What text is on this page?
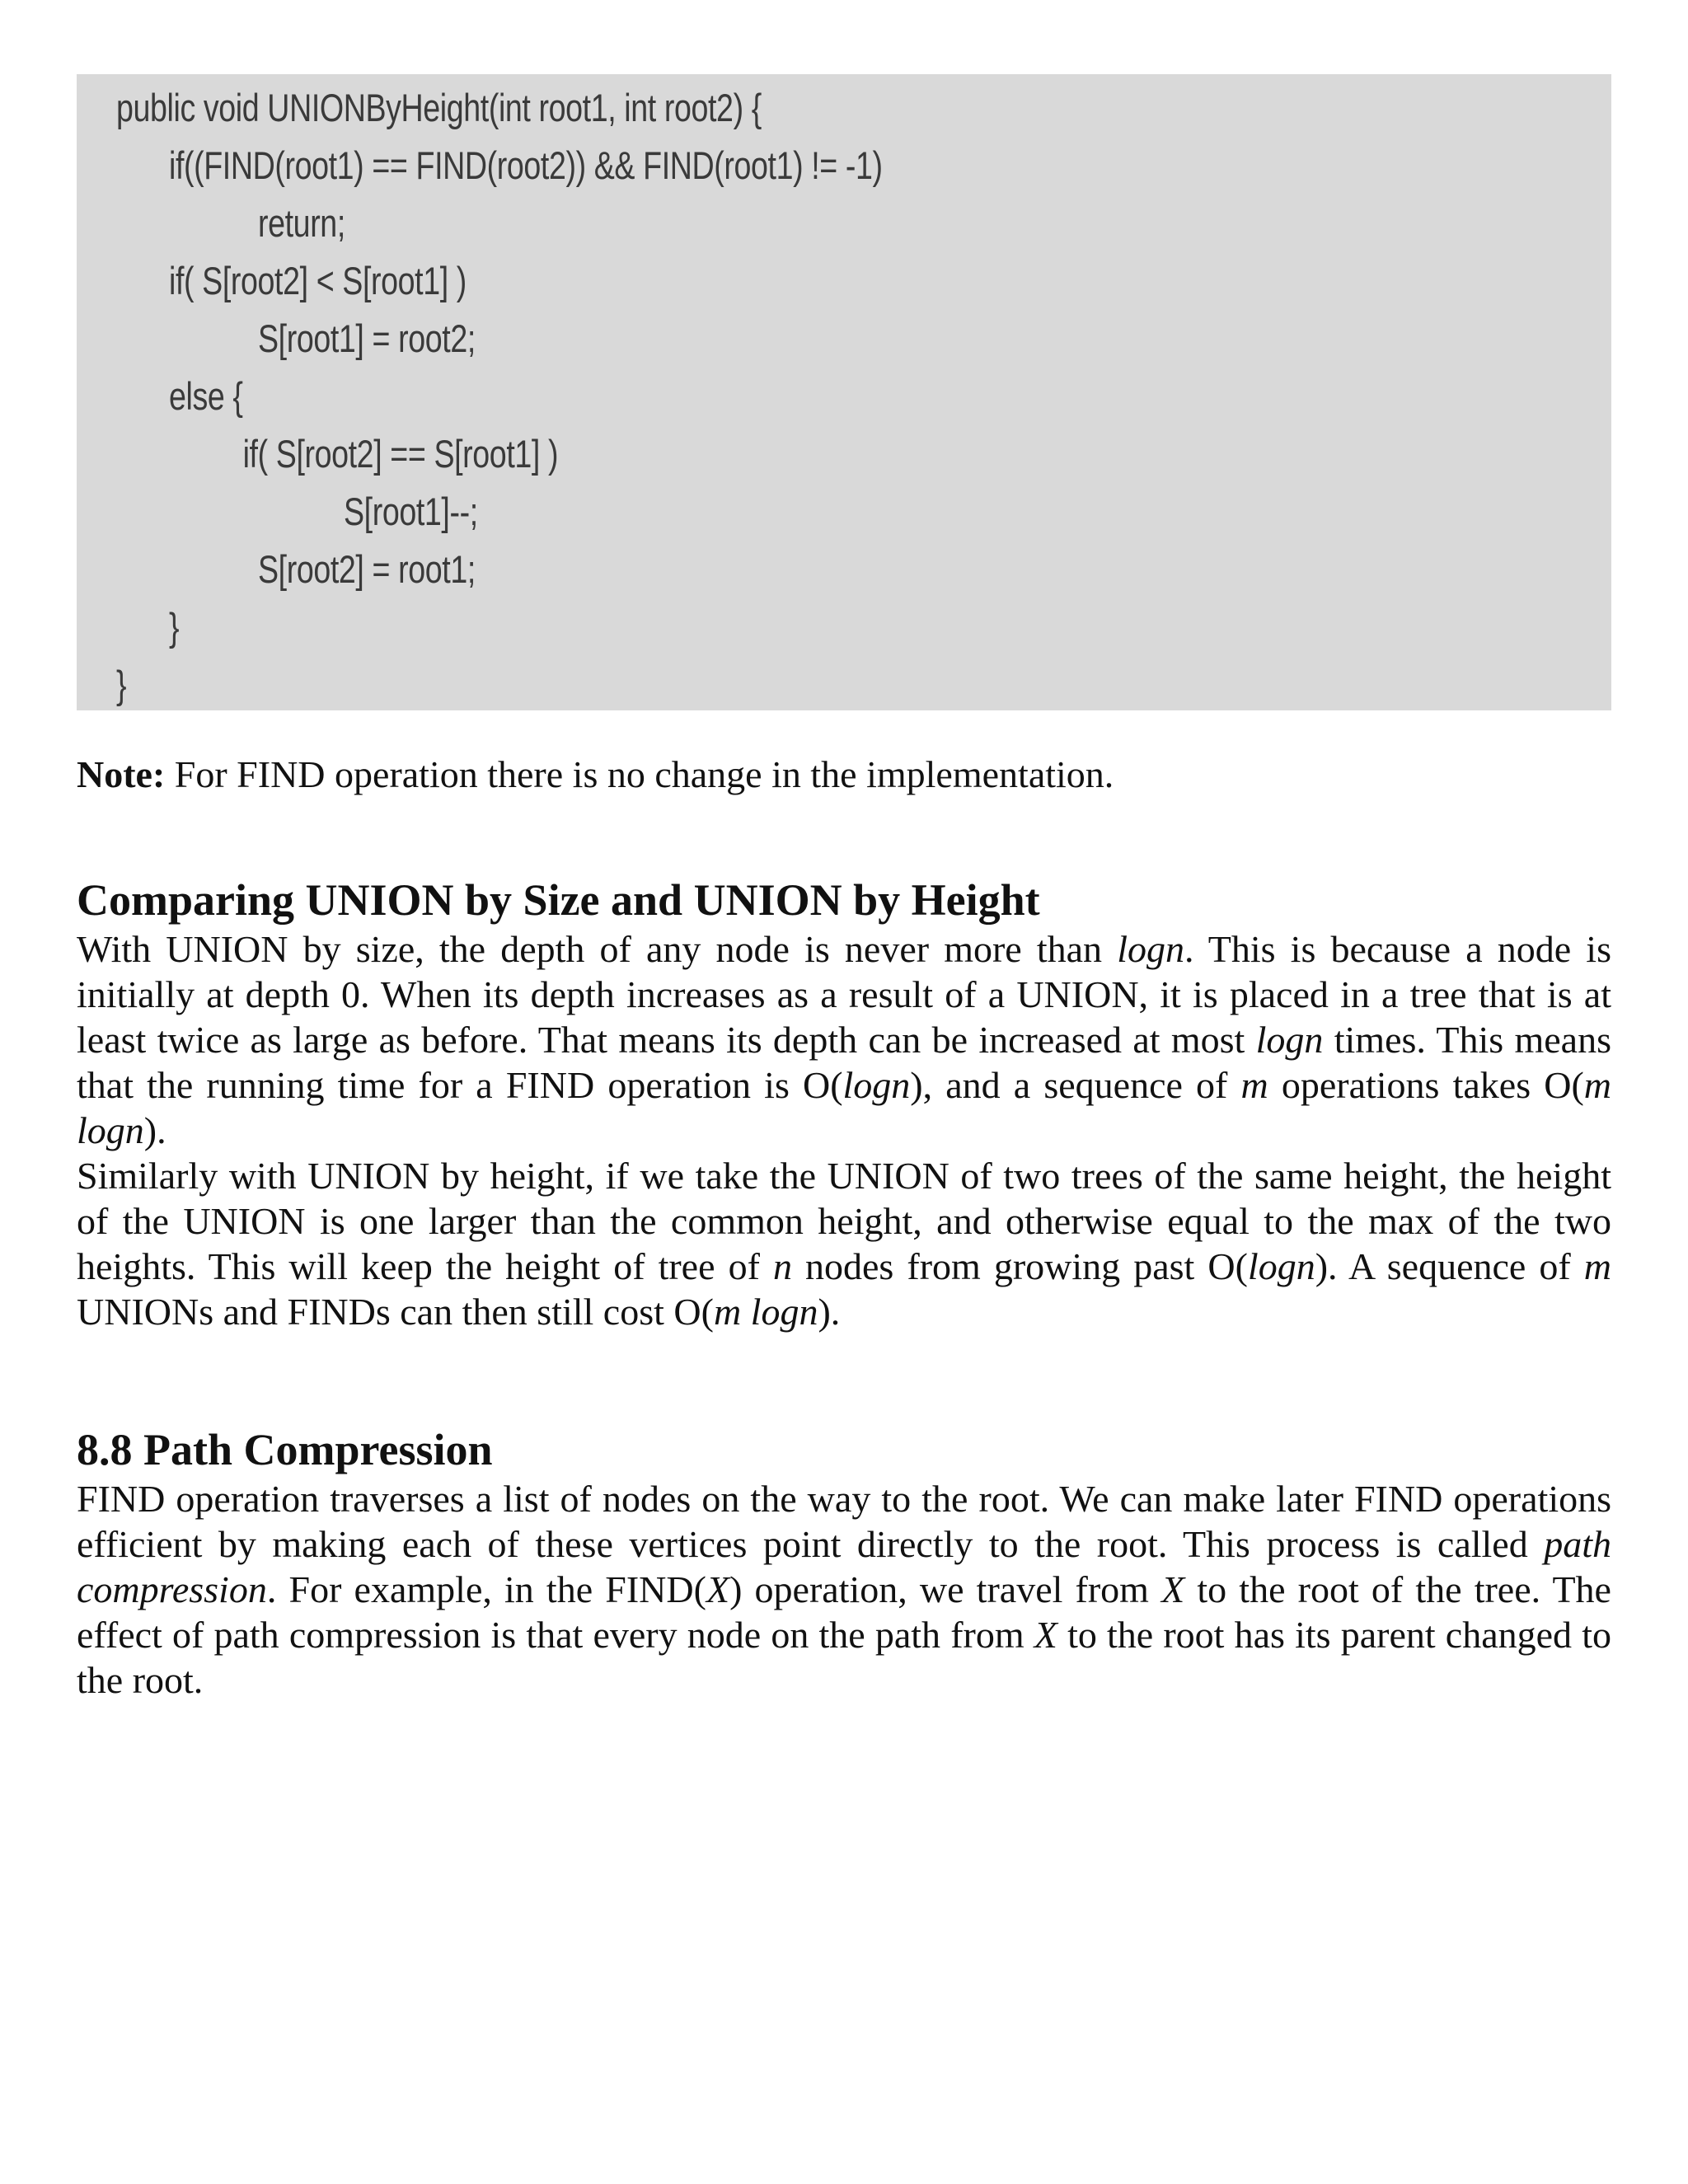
public void UNIONByHeight(int root1, int root2) {
if((FIND(root1) == FIND(root2)) && FIND(root1) != -1)
return;
if( S[root2] < S[root1] )
S[root1] = root2;
else {
if( S[root2] == S[root1] )
S[root1]--;
S[root2] = root1;
}
}
Note: For FIND operation there is no change in the implementation.
Comparing UNION by Size and UNION by Height

With UNION by size, the depth of any node is never more than logn. This is because a node is initially at depth 0. When its depth increases as a result of a UNION, it is placed in a tree that is at least twice as large as before. That means its depth can be increased at most logn times. This means that the running time for a FIND operation is O(logn), and a sequence of m operations takes O(m logn).

Similarly with UNION by height, if we take the UNION of two trees of the same height, the height of the UNION is one larger than the common height, and otherwise equal to the max of the two heights. This will keep the height of tree of n nodes from growing past O(logn). A sequence of m UNIONs and FINDs can then still cost O(m logn).

8.8 Path Compression

FIND operation traverses a list of nodes on the way to the root. We can make later FIND operations efficient by making each of these vertices point directly to the root. This process is called path compression. For example, in the FIND(X) operation, we travel from X to the root of the tree. The effect of path compression is that every node on the path from X to the root has its parent changed to the root.
